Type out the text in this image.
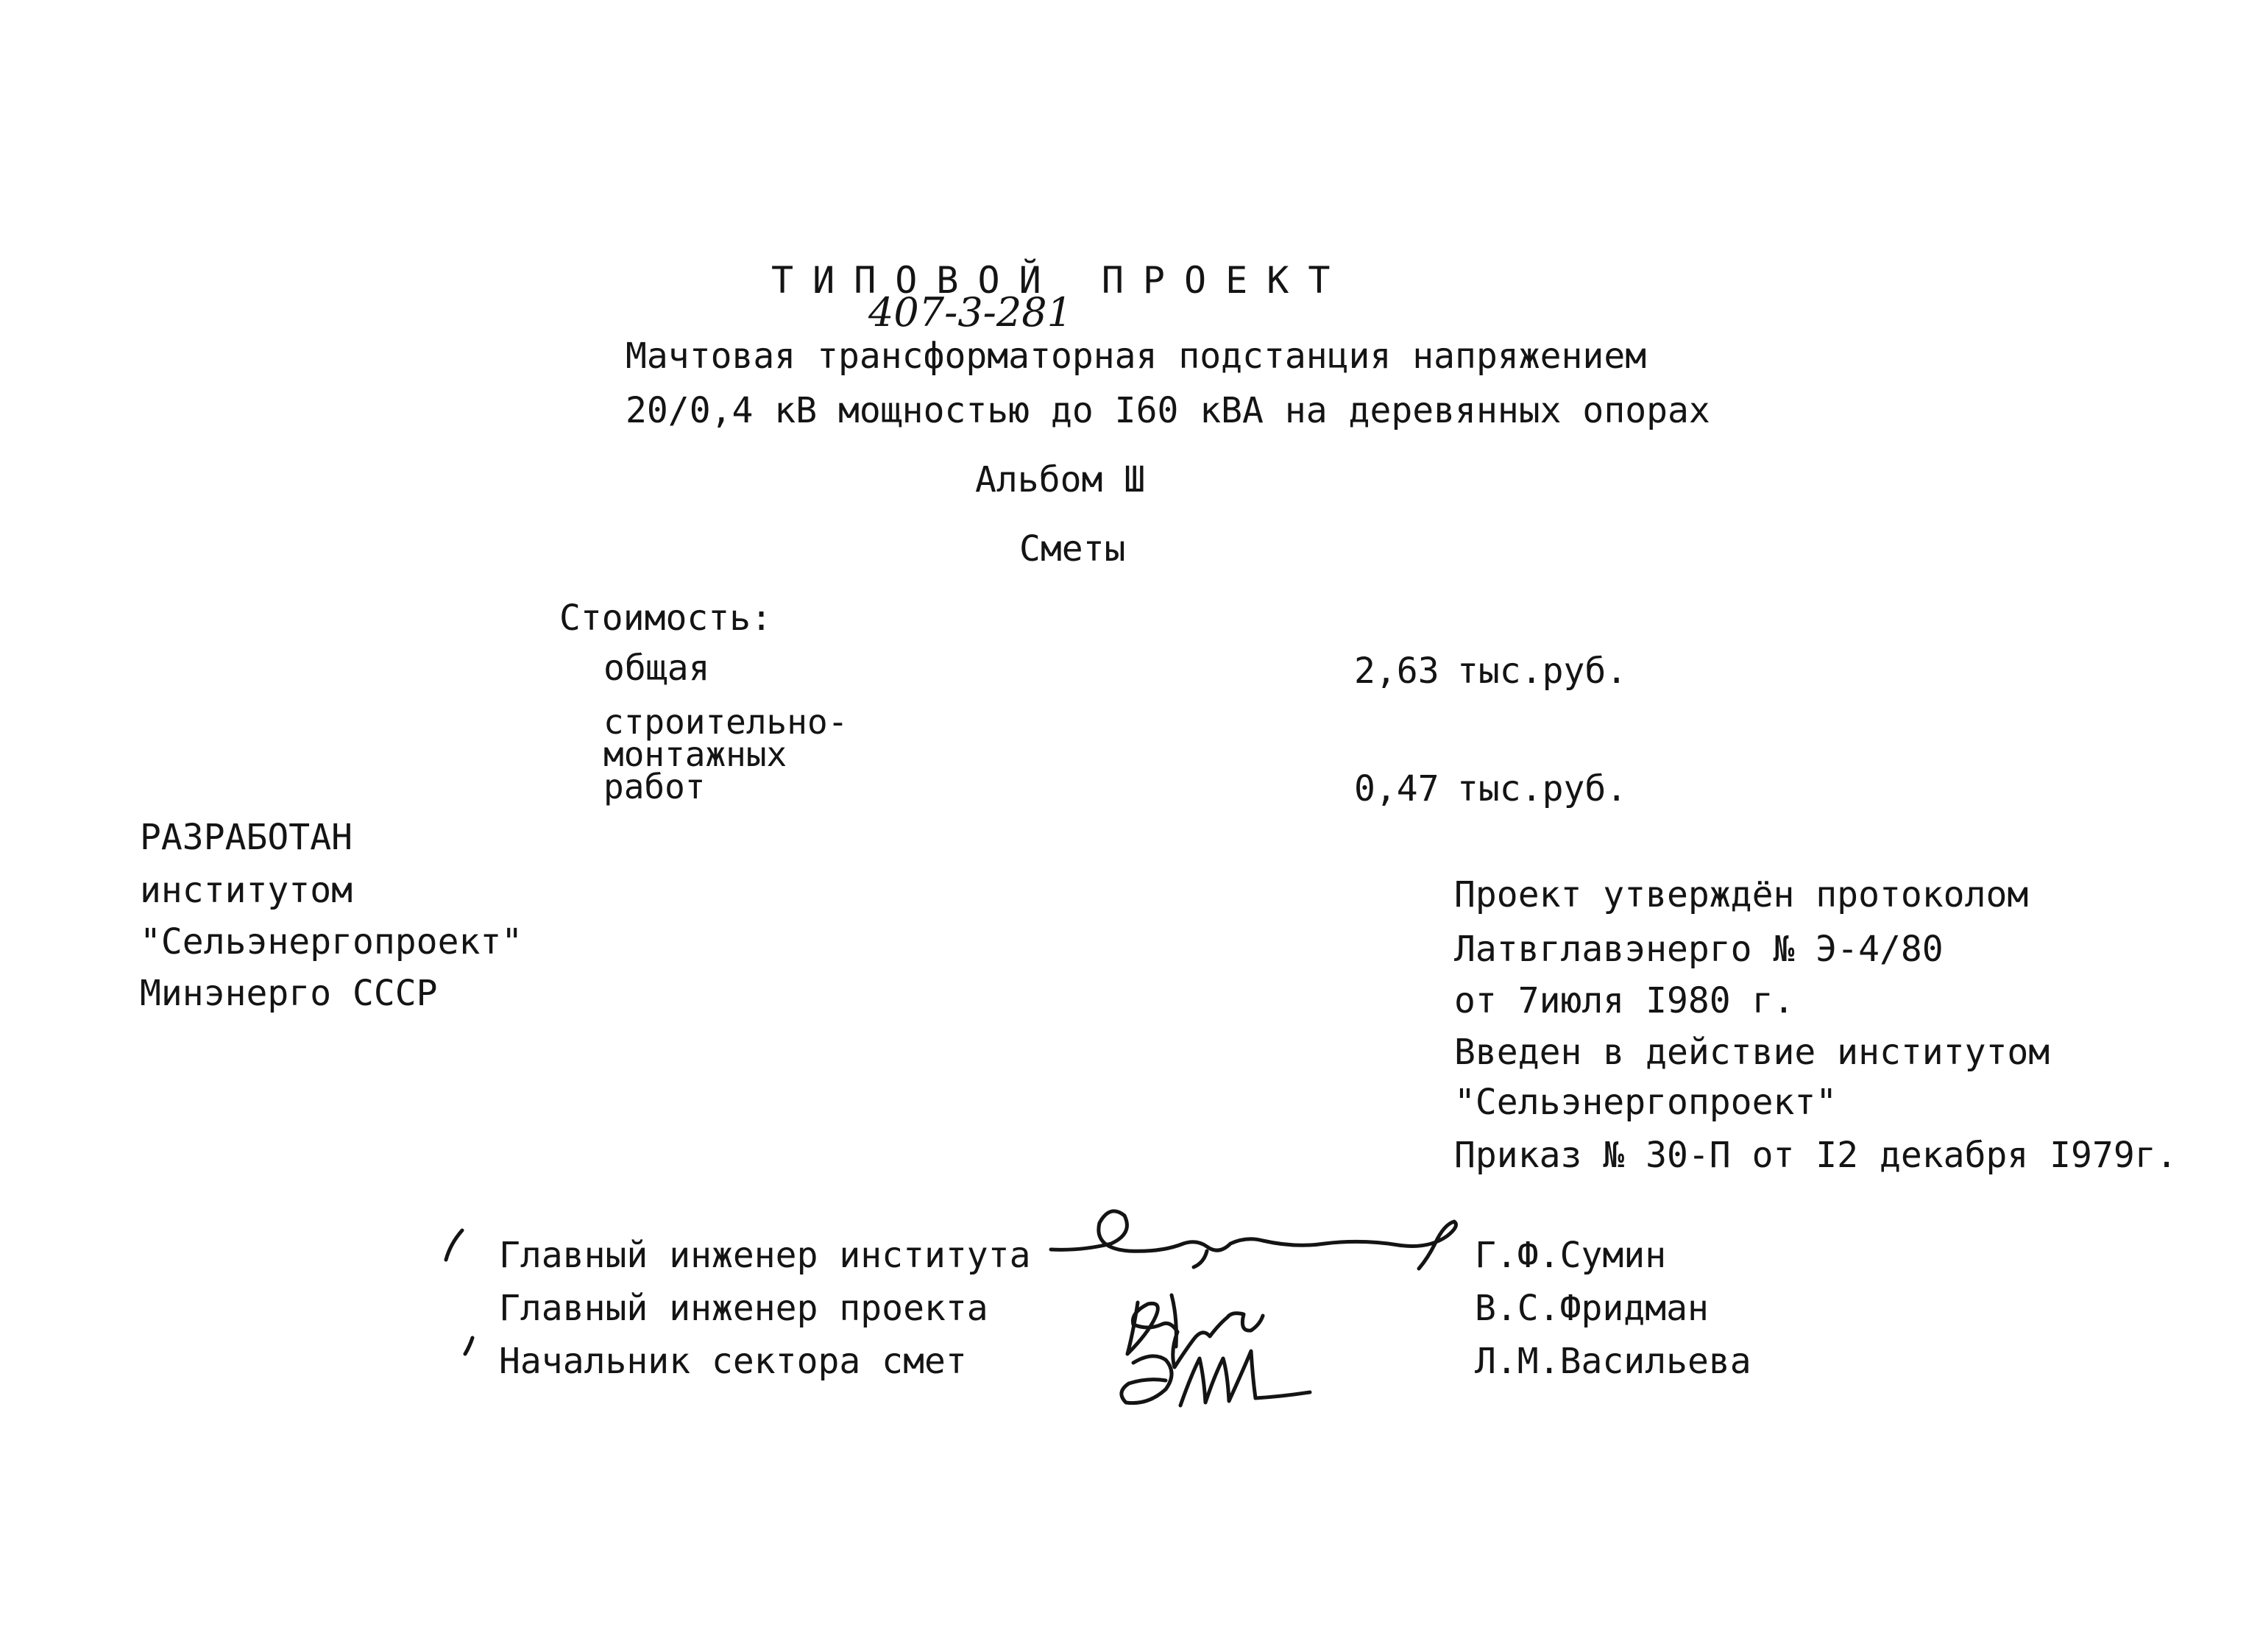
ТИПОВОЙ ПРОЕКТ
407-3-281
Мачтовая трансформаторная подстанция напряжением
20/0,4 кВ мощностью до I60 кВА на деревянных опорах
Альбом Ш
Сметы
Стоимость:
общая	2,63 тыс.руб.
строительно-
монтажных
работ	0,47 тыс.руб.
РАЗРАБОТАН
институтом
"Сельэнергопроект"
Минэнерго СССР
Проект утверждён протоколом
Латвглавэнерго № Э-4/80
от 7июля I980 г.
Введен в действие институтом
"Сельэнергопроект"
Приказ № 30-П от I2 декабря I979г.
Главный инженер института	Г.Ф.Сумин
Главный инженер проекта	В.С.Фридман
Начальник сектора смет	Л.М.Васильева
